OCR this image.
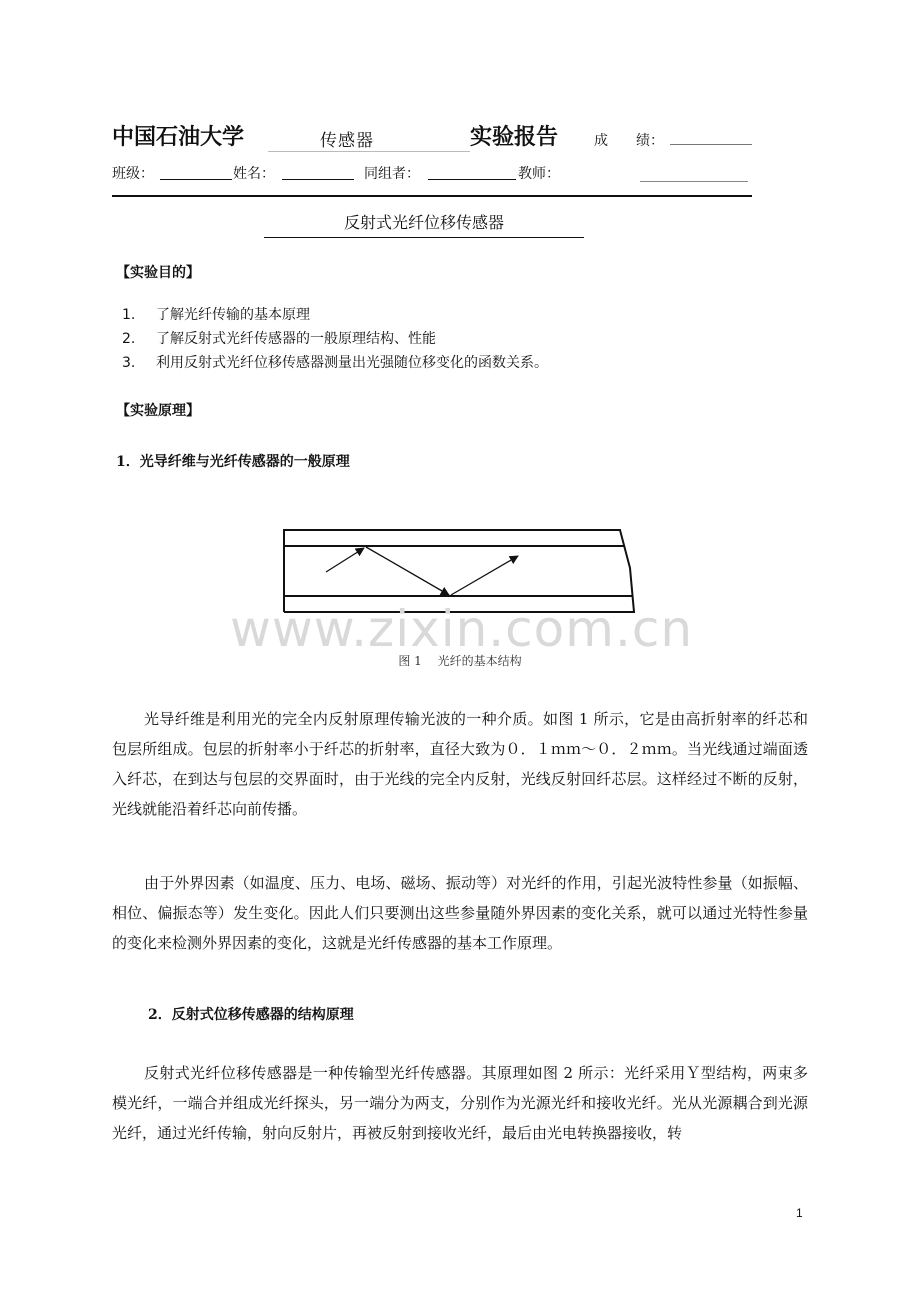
中国石油大学	传感器	实验报告	成　　绩：
班级：	姓名：	同组者：	教师：
反射式光纤位移传感器
【实验目的】
1.	了解光纤传输的基本原理
2.	了解反射式光纤传感器的一般原理结构、性能
3.	利用反射式光纤位移传感器测量出光强随位移变化的函数关系。
【实验原理】
1．光导纤维与光纤传感器的一般原理
www.zixin.com.cn
图 1　 光纤的基本结构
光导纤维是利用光的完全内反射原理传输光波的一种介质。如图 1 所示，它是由高折射率的纤芯和包层所组成。包层的折射率小于纤芯的折射率，直径大致为０．１ｍｍ～０．２ｍｍ。当光线通过端面透入纤芯，在到达与包层的交界面时，由于光线的完全内反射，光线反射回纤芯层。这样经过不断的反射，光线就能沿着纤芯向前传播。
由于外界因素（如温度、压力、电场、磁场、振动等）对光纤的作用，引起光波特性参量（如振幅、相位、偏振态等）发生变化。因此人们只要测出这些参量随外界因素的变化关系，就可以通过光特性参量的变化来检测外界因素的变化，这就是光纤传感器的基本工作原理。
2．反射式位移传感器的结构原理
反射式光纤位移传感器是一种传输型光纤传感器。其原理如图 2 所示：光纤采用Ｙ型结构，两束多模光纤，一端合并组成光纤探头，另一端分为两支，分别作为光源光纤和接收光纤。光从光源耦合到光源光纤，通过光纤传输，射向反射片，再被反射到接收光纤，最后由光电转换器接收，转
1
